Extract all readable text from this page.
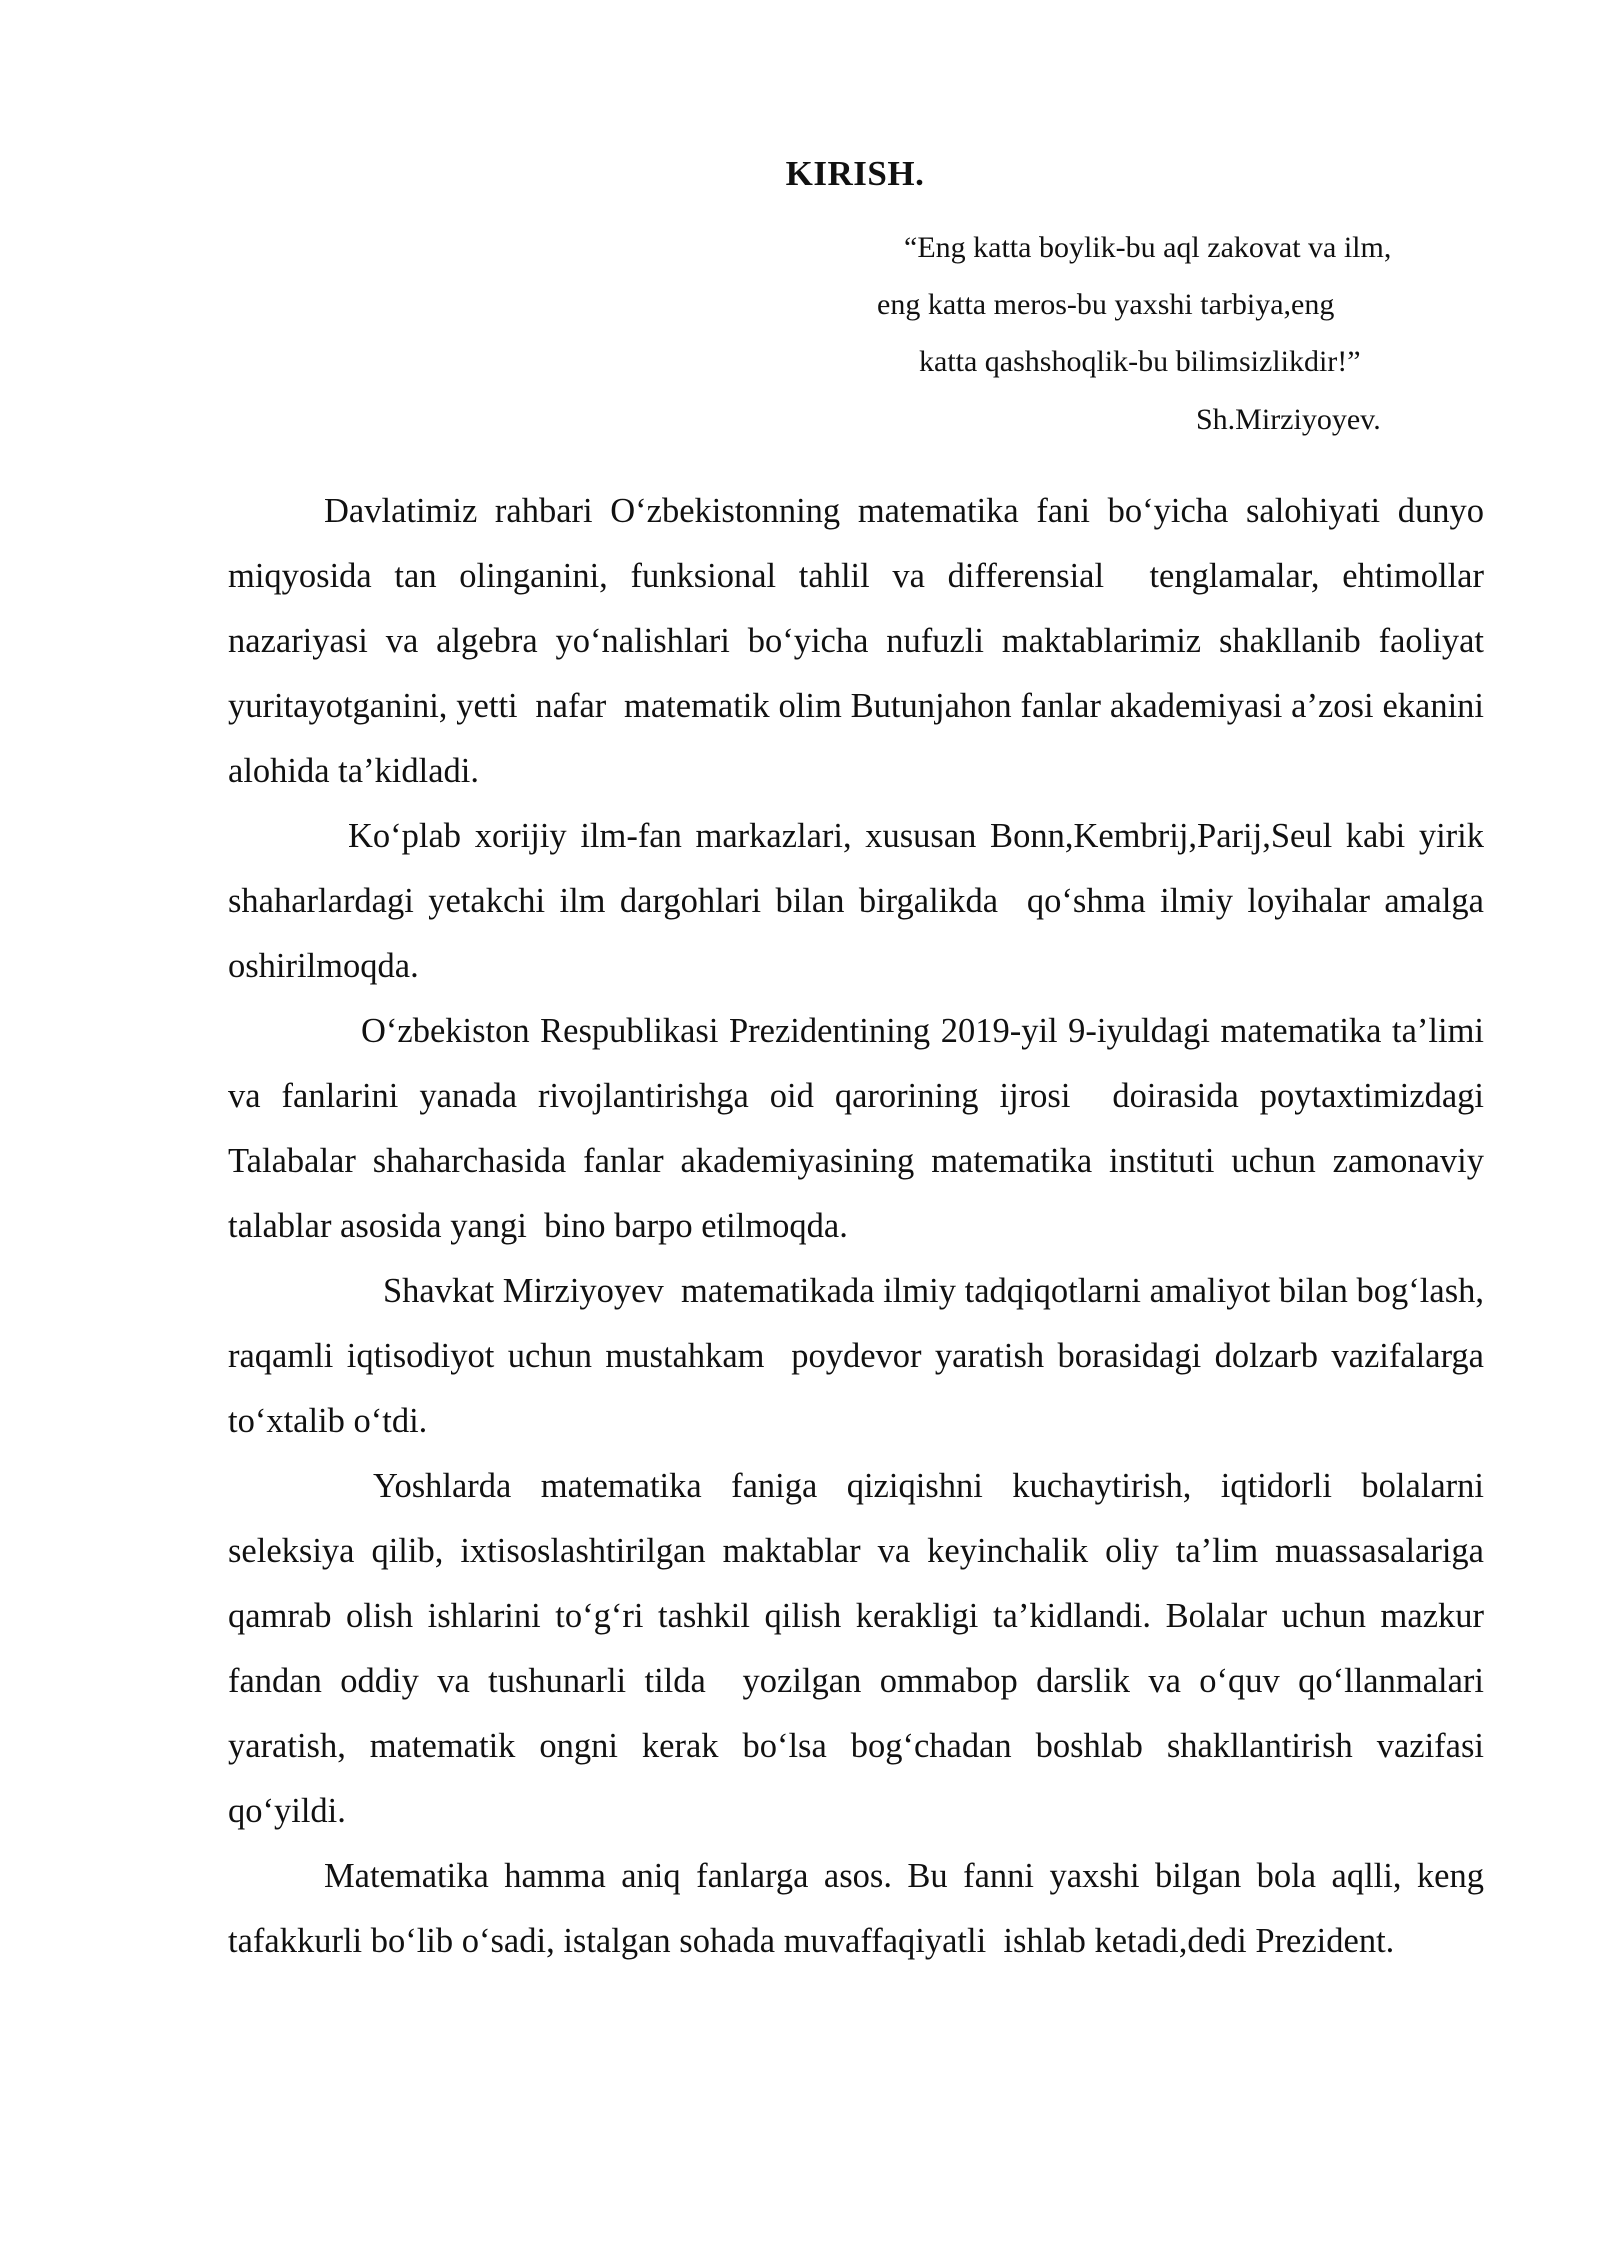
KIRISH.
“Eng katta boylik-bu aql zakovat va ilm,
eng katta meros-bu yaxshi tarbiya,eng
katta qashshoqlik-bu bilimsizlikdir!”
Sh.Mirziyoyev.

Davlatimiz rahbari O‘zbekistonning matematika fani bo‘yicha salohiyati dunyo miqyosida tan olinganini, funksional tahlil va differensial  tenglamalar, ehtimollar nazariyasi va algebra yo‘nalishlari bo‘yicha nufuzli maktablarimiz shakllanib faoliyat yuritayotganini, yetti  nafar  matematik olim Butunjahon fanlar akademiyasi a’zosi ekanini alohida ta’kidladi.

Ko‘plab xorijiy ilm-fan markazlari, xususan Bonn,Kembrij,Parij,Seul kabi yirik shaharlardagi yetakchi ilm dargohlari bilan birgalikda  qo‘shma ilmiy loyihalar amalga oshirilmoqda.

O‘zbekiston Respublikasi Prezidentining 2019-yil 9-iyuldagi matematika ta’limi va fanlarini yanada rivojlantirishga oid qarorining ijrosi  doirasida poytaxtimizdagi Talabalar shaharchasida fanlar akademiyasining matematika instituti uchun zamonaviy talablar asosida yangi  bino barpo etilmoqda.

Shavkat Mirziyoyev  matematikada ilmiy tadqiqotlarni amaliyot bilan bog‘lash, raqamli iqtisodiyot uchun mustahkam  poydevor yaratish borasidagi dolzarb vazifalarga to‘xtalib o‘tdi.

Yoshlarda matematika faniga qiziqishni kuchaytirish, iqtidorli bolalarni seleksiya qilib, ixtisoslashtirilgan maktablar va keyinchalik oliy ta’lim muassasalariga qamrab olish ishlarini to‘g‘ri tashkil qilish kerakligi ta’kidlandi. Bolalar uchun mazkur fandan oddiy va tushunarli tilda  yozilgan ommabop darslik va o‘quv qo‘llanmalari yaratish, matematik ongni kerak bo‘lsa bog‘chadan boshlab shakllantirish vazifasi  qo‘yildi.

Matematika hamma aniq fanlarga asos. Bu fanni yaxshi bilgan bola aqlli, keng tafakkurli bo‘lib o‘sadi, istalgan sohada muvaffaqiyatli  ishlab ketadi,dedi Prezident.
